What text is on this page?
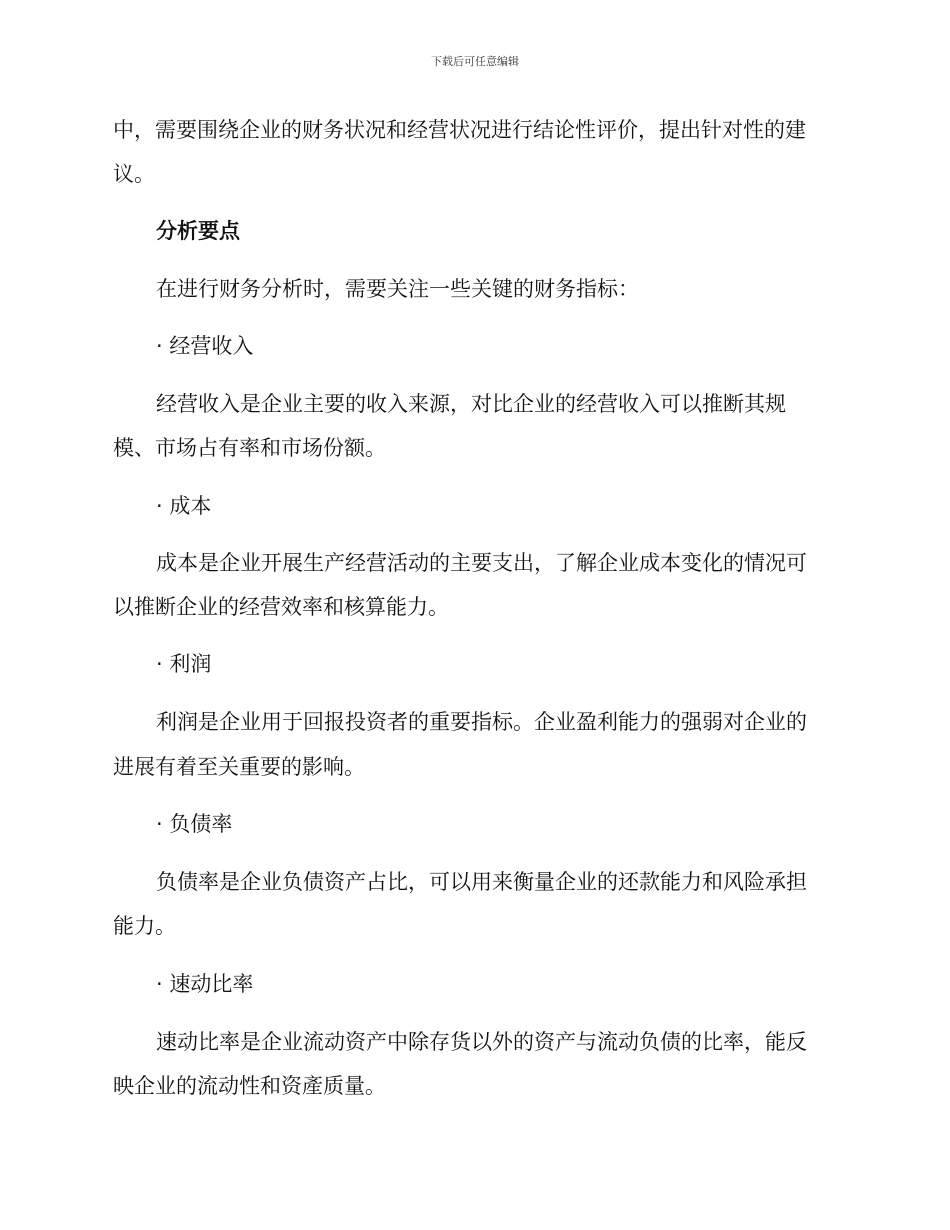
下载后可任意编辑
中，需要围绕企业的财务状况和经营状况进行结论性评价，提出针对性的建
议。
分析要点
在进行财务分析时，需要关注一些关键的财务指标：
· 经营收入
经营收入是企业主要的收入来源，对比企业的经营收入可以推断其规
模、市场占有率和市场份额。
· 成本
成本是企业开展生产经营活动的主要支出，了解企业成本变化的情况可
以推断企业的经营效率和核算能力。
· 利润
利润是企业用于回报投资者的重要指标。企业盈利能力的强弱对企业的
进展有着至关重要的影响。
· 负债率
负债率是企业负债资产占比，可以用来衡量企业的还款能力和风险承担
能力。
· 速动比率
速动比率是企业流动资产中除存货以外的资产与流动负债的比率，能反
映企业的流动性和资產质量。
